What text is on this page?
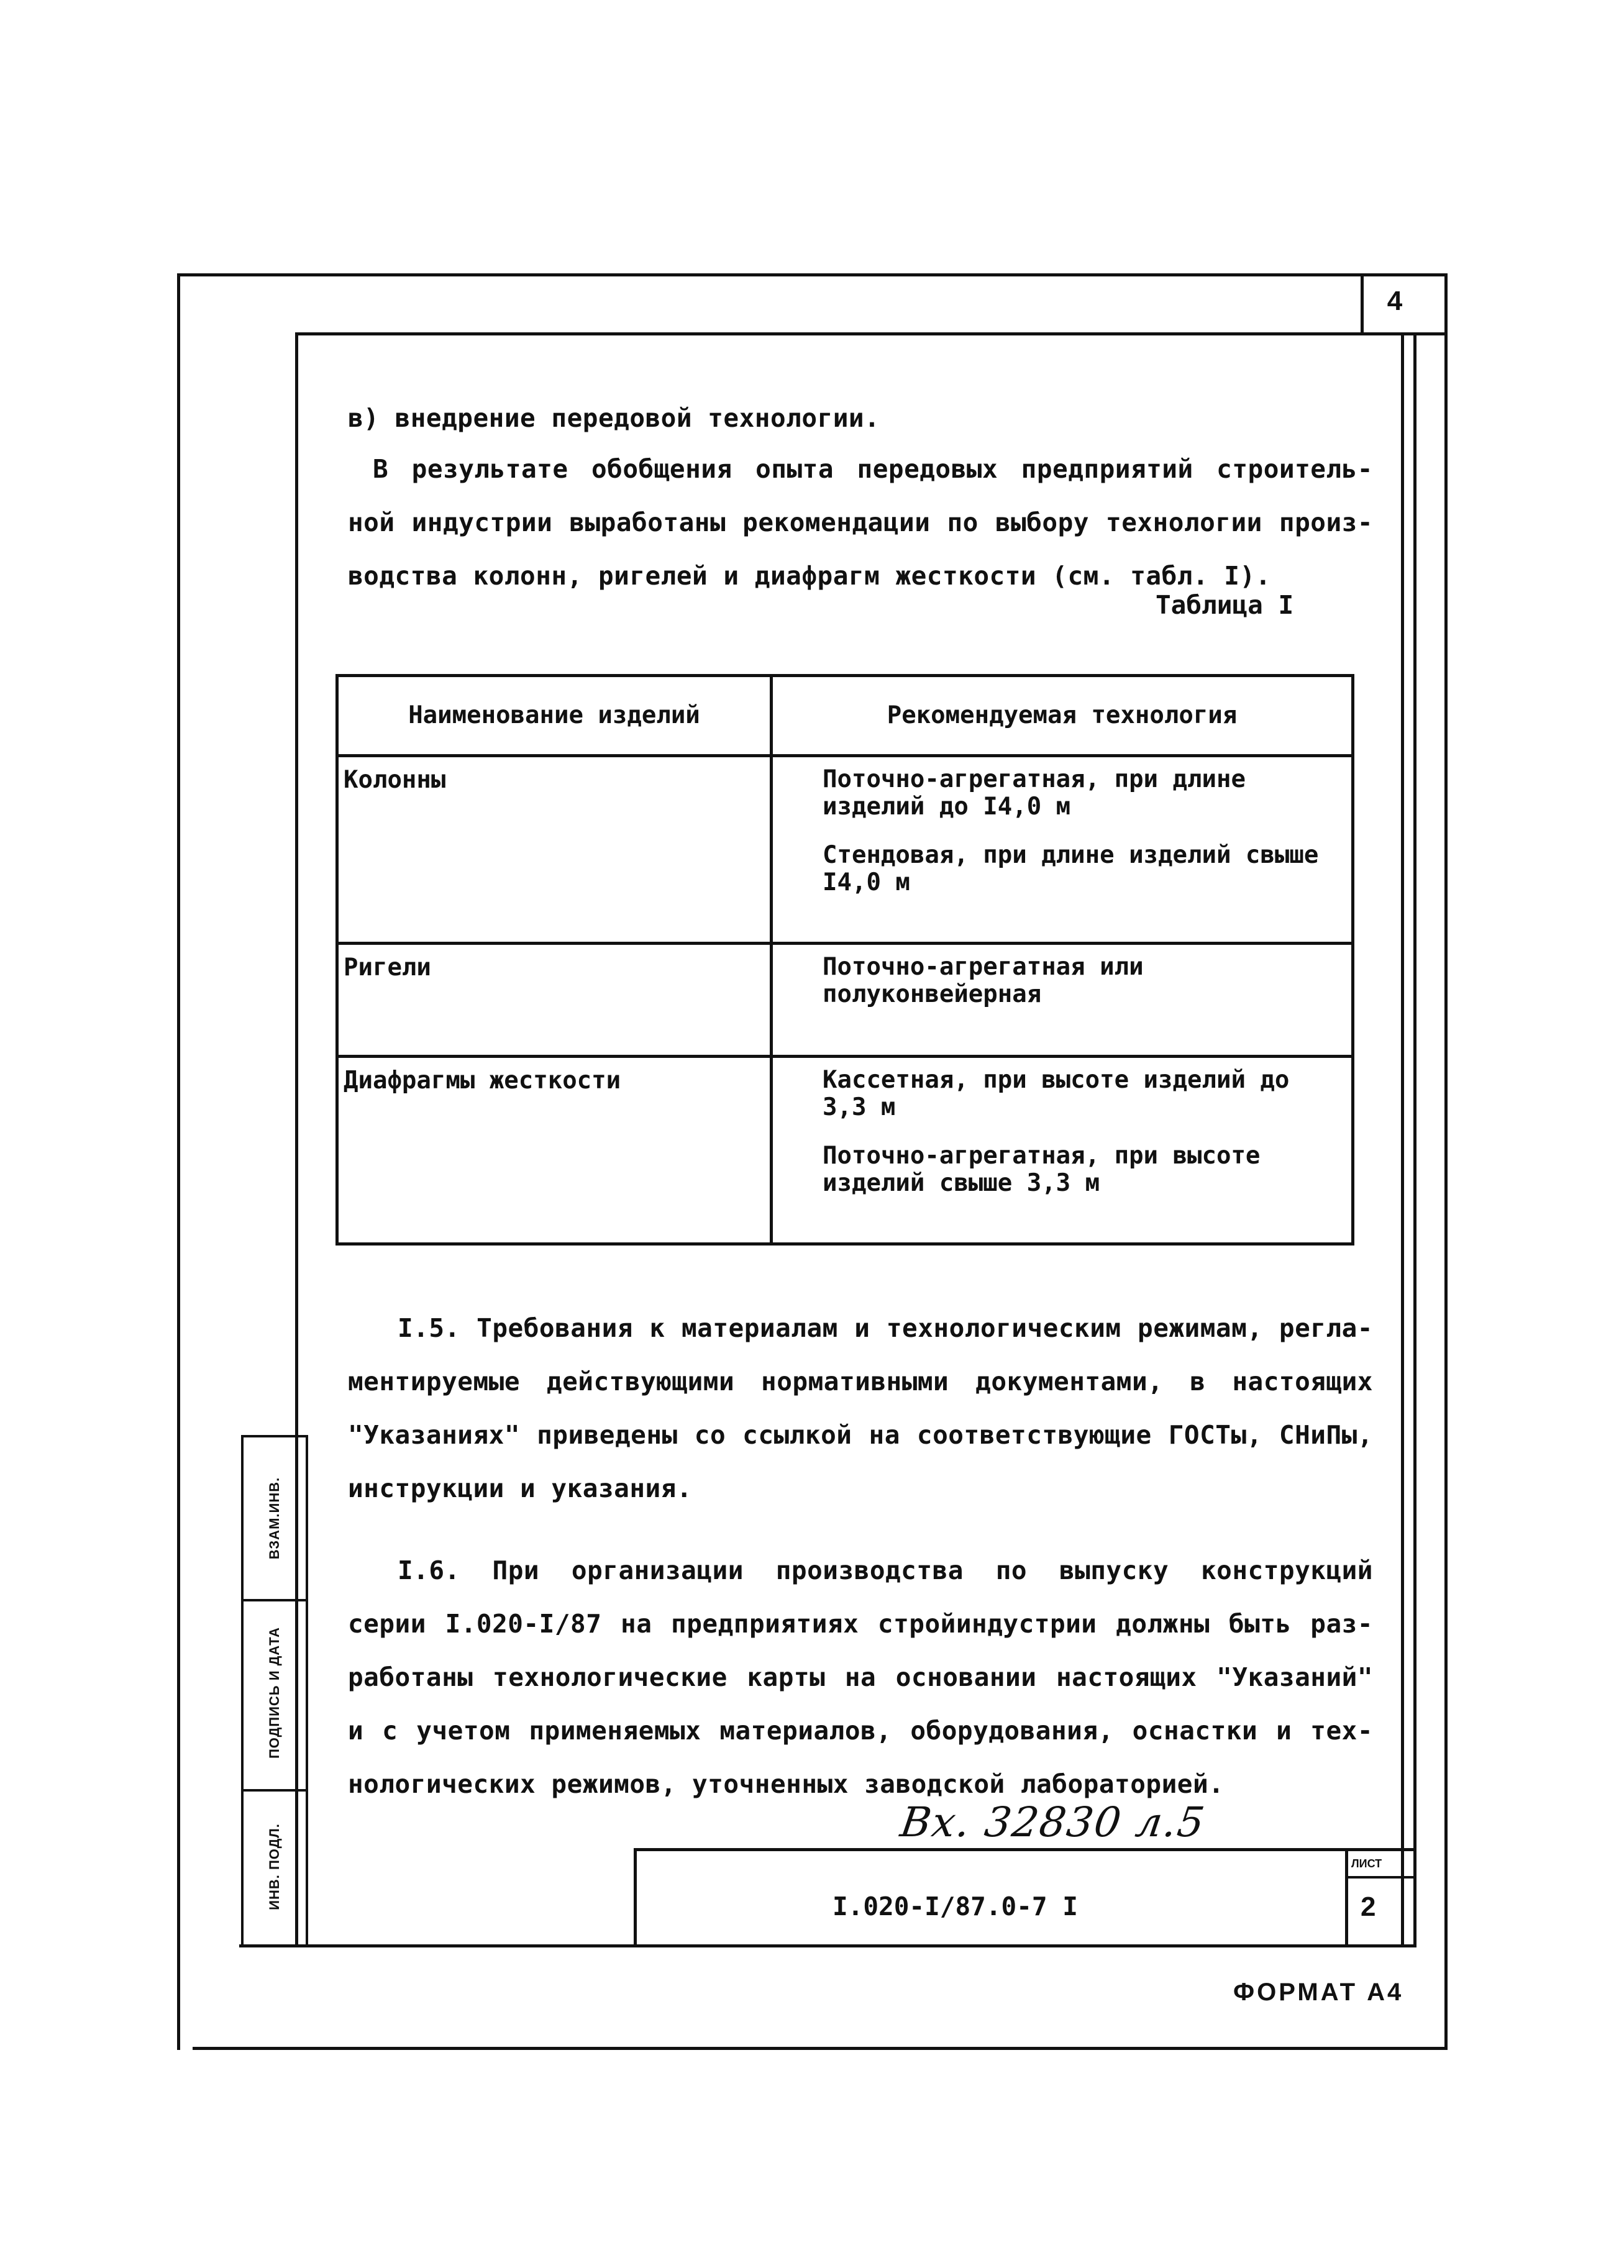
4
в) внедрение передовой технологии.
В результате обобщения опыта передовых предприятий строитель-
ной индустрии выработаны рекомендации по выбору технологии произ-
водства колонн, ригелей и диафрагм жесткости (см. табл. I).
Таблица I
Наименование изделий	Рекомендуемая технология
Колонны	Поточно-агрегатная, при длине изделий до I4,0 м
Стендовая, при длине изделий свыше I4,0 м

Ригели	Поточно-агрегатная или полуконвейерная

Диафрагмы жесткости	Кассетная, при высоте изделий до 3,3 м
Поточно-агрегатная, при высоте изделий свыше 3,3 м
I.5. Требования к материалам и технологическим режимам, регла-
ментируемые действующими нормативными документами, в настоящих
"Указаниях" приведены со ссылкой на соответствующие ГОСТы, СНиПы,
инструкции и указания.
I.6. При организации производства по выпуску конструкций
серии I.020-I/87 на предприятиях стройиндустрии должны быть раз-
работаны технологические карты на основании настоящих "Указаний"
и с учетом применяемых материалов, оборудования, оснастки и тех-
нологических режимов, уточненных заводской лабораторией.
ВЗАМ.ИНВ.
ПОДПИСЬ И ДАТА
ИНВ. ПОДЛ.
Вх. 32830 л.5
I.020-I/87.0-7 I
ЛИСТ
2
ФОРМАТ А4
